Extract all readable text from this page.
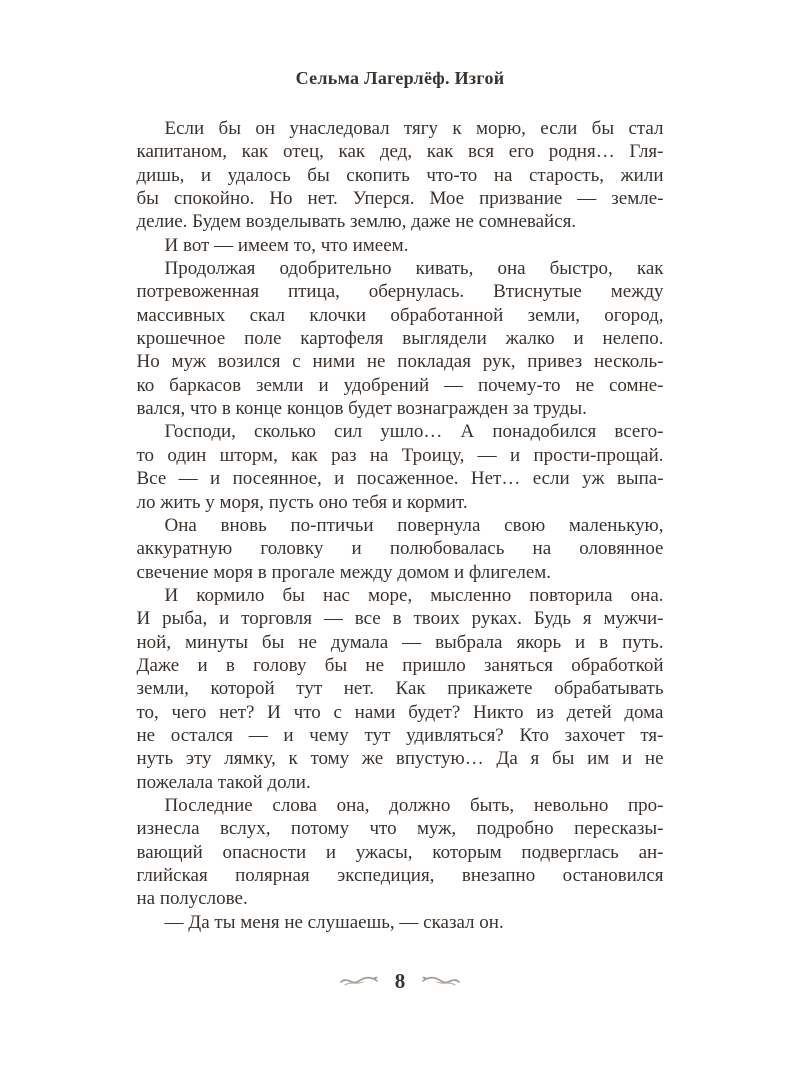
Сельма Лагерлёф. Изгой
Если бы он унаследовал тягу к морю, если бы стал
капитаном, как отец, как дед, как вся его родня… Гля-
дишь, и удалось бы скопить что-то на старость, жили
бы спокойно. Но нет. Уперся. Мое призвание — земле-
делие. Будем возделывать землю, даже не сомневайся.
И вот — имеем то, что имеем.
Продолжая одобрительно кивать, она быстро, как
потревоженная птица, обернулась. Втиснутые между
массивных скал клочки обработанной земли, огород,
крошечное поле картофеля выглядели жалко и нелепо.
Но муж возился с ними не покладая рук, привез несколь-
ко баркасов земли и удобрений — почему-то не сомне-
вался, что в конце концов будет вознагражден за труды.
Господи, сколько сил ушло… А понадобился всего-
то один шторм, как раз на Троицу, — и прости-прощай.
Все — и посеянное, и посаженное. Нет… если уж выпа-
ло жить у моря, пусть оно тебя и кормит.
Она вновь по-птичьи повернула свою маленькую,
аккуратную головку и полюбовалась на оловянное
свечение моря в прогале между домом и флигелем.
И кормило бы нас море, мысленно повторила она.
И рыба, и торговля — все в твоих руках. Будь я мужчи-
ной, минуты бы не думала — выбрала якорь и в путь.
Даже и в голову бы не пришло заняться обработкой
земли, которой тут нет. Как прикажете обрабатывать
то, чего нет? И что с нами будет? Никто из детей дома
не остался — и чему тут удивляться? Кто захочет тя-
нуть эту лямку, к тому же впустую… Да я бы им и не
пожелала такой доли.
Последние слова она, должно быть, невольно про-
изнесла вслух, потому что муж, подробно пересказы-
вающий опасности и ужасы, которым подверглась ан-
глийская полярная экспедиция, внезапно остановился
на полуслове.
— Да ты меня не слушаешь, — сказал он.
8
